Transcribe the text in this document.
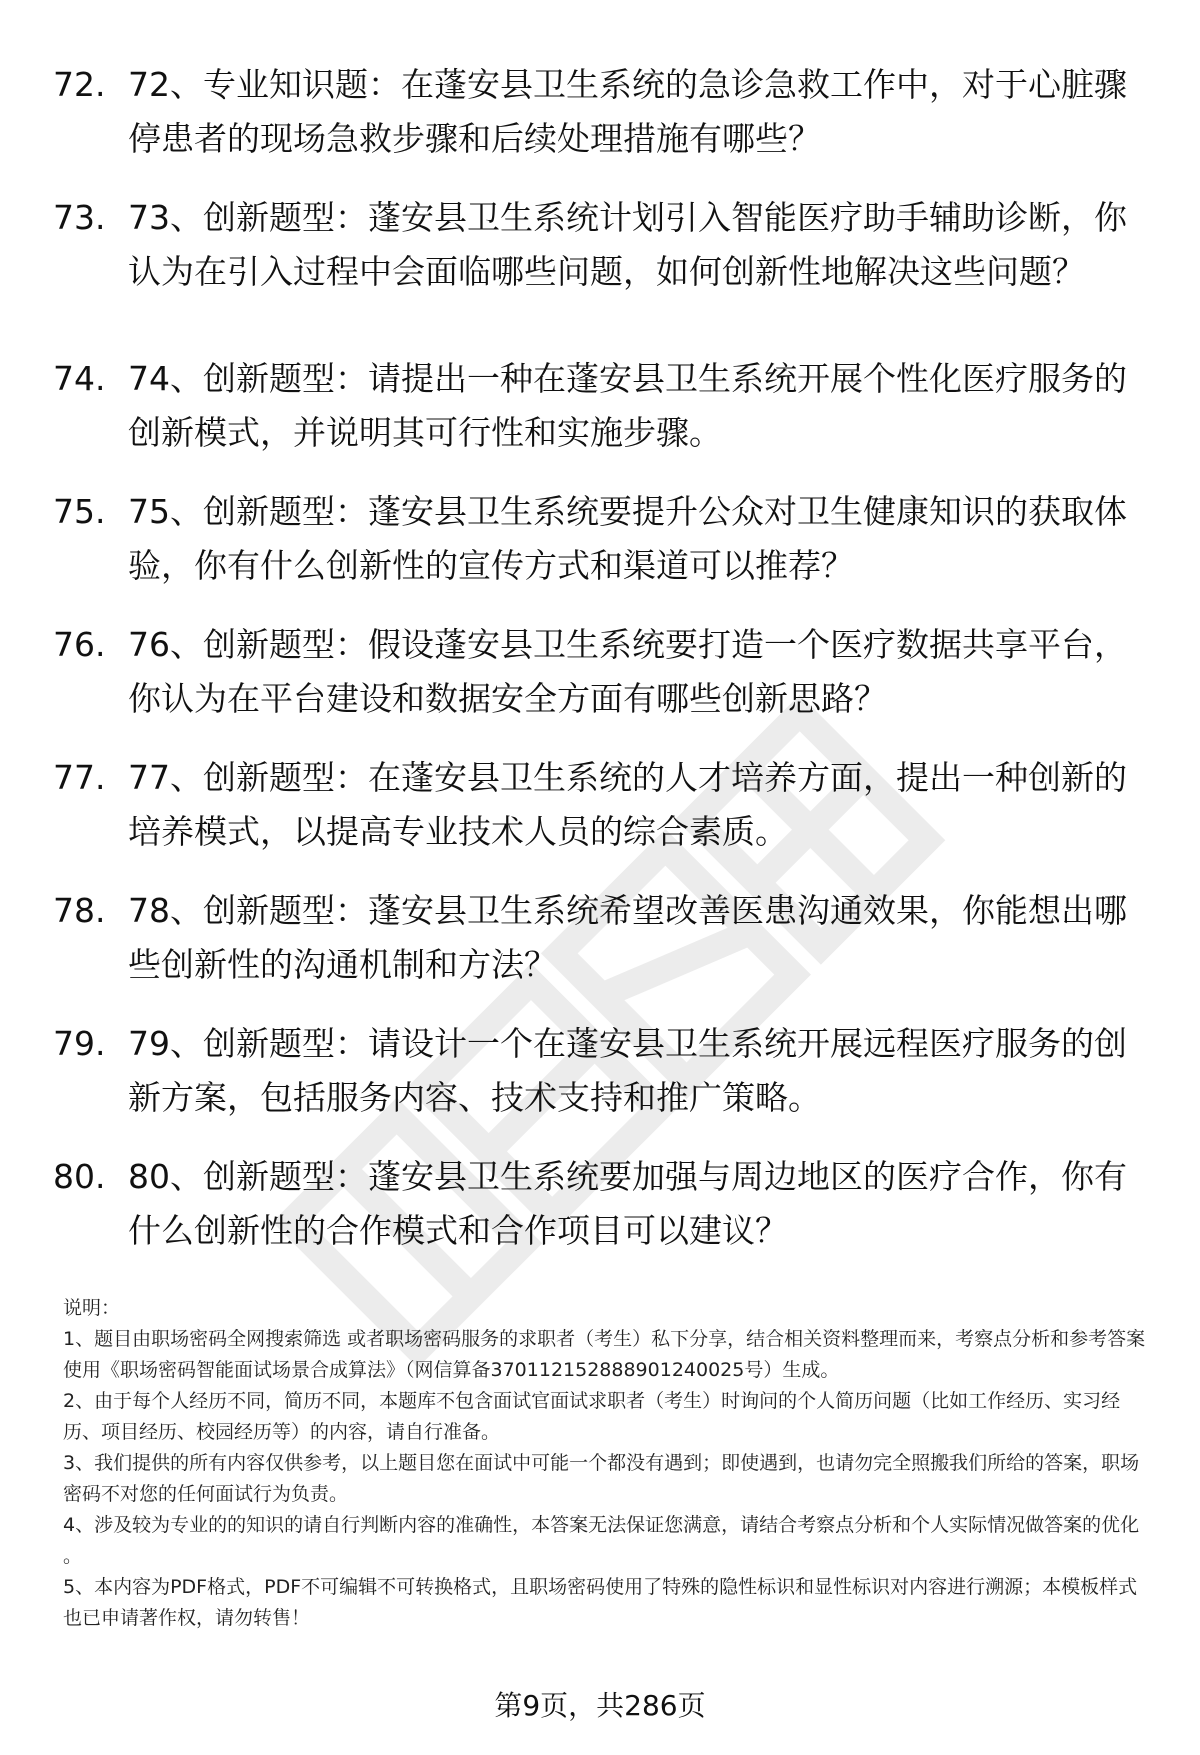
72. 72、专业知识题：在蓬安县卫生系统的急诊急救工作中，对于心脏骤停患者的现场急救步骤和后续处理措施有哪些？
73. 73、创新题型：蓬安县卫生系统计划引入智能医疗助手辅助诊断，你认为在引入过程中会面临哪些问题，如何创新性地解决这些问题？
74. 74、创新题型：请提出一种在蓬安县卫生系统开展个性化医疗服务的创新模式，并说明其可行性和实施步骤。
75. 75、创新题型：蓬安县卫生系统要提升公众对卫生健康知识的获取体验，你有什么创新性的宣传方式和渠道可以推荐？
76. 76、创新题型：假设蓬安县卫生系统要打造一个医疗数据共享平台，你认为在平台建设和数据安全方面有哪些创新思路？
77. 77、创新题型：在蓬安县卫生系统的人才培养方面，提出一种创新的培养模式，以提高专业技术人员的综合素质。
78. 78、创新题型：蓬安县卫生系统希望改善医患沟通效果，你能想出哪些创新性的沟通机制和方法？
79. 79、创新题型：请设计一个在蓬安县卫生系统开展远程医疗服务的创新方案，包括服务内容、技术支持和推广策略。
80. 80、创新题型：蓬安县卫生系统要加强与周边地区的医疗合作，你有什么创新性的合作模式和合作项目可以建议？

说明：

1、题目由职场密码全网搜索筛选 或者职场密码服务的求职者（考生）私下分享，结合相关资料整理而来，考察点分析和参考答案使用《职场密码智能面试场景合成算法》（网信算备370112152888901240025号）生成。

2、由于每个人经历不同，简历不同，本题库不包含面试官面试求职者（考生）时询问的个人简历问题（比如工作经历、实习经历、项目经历、校园经历等）的内容，请自行准备。

3、我们提供的所有内容仅供参考，以上题目您在面试中可能一个都没有遇到；即使遇到，也请勿完全照搬我们所给的答案，职场密码不对您的任何面试行为负责。

4、涉及较为专业的的知识的请自行判断内容的准确性，本答案无法保证您满意，请结合考察点分析和个人实际情况做答案的优化 。

5、本内容为PDF格式，PDF不可编辑不可转换格式，且职场密码使用了特殊的隐性标识和显性标识对内容进行溯源；本模板样式也已申请著作权，请勿转售！

第9页，共286页
